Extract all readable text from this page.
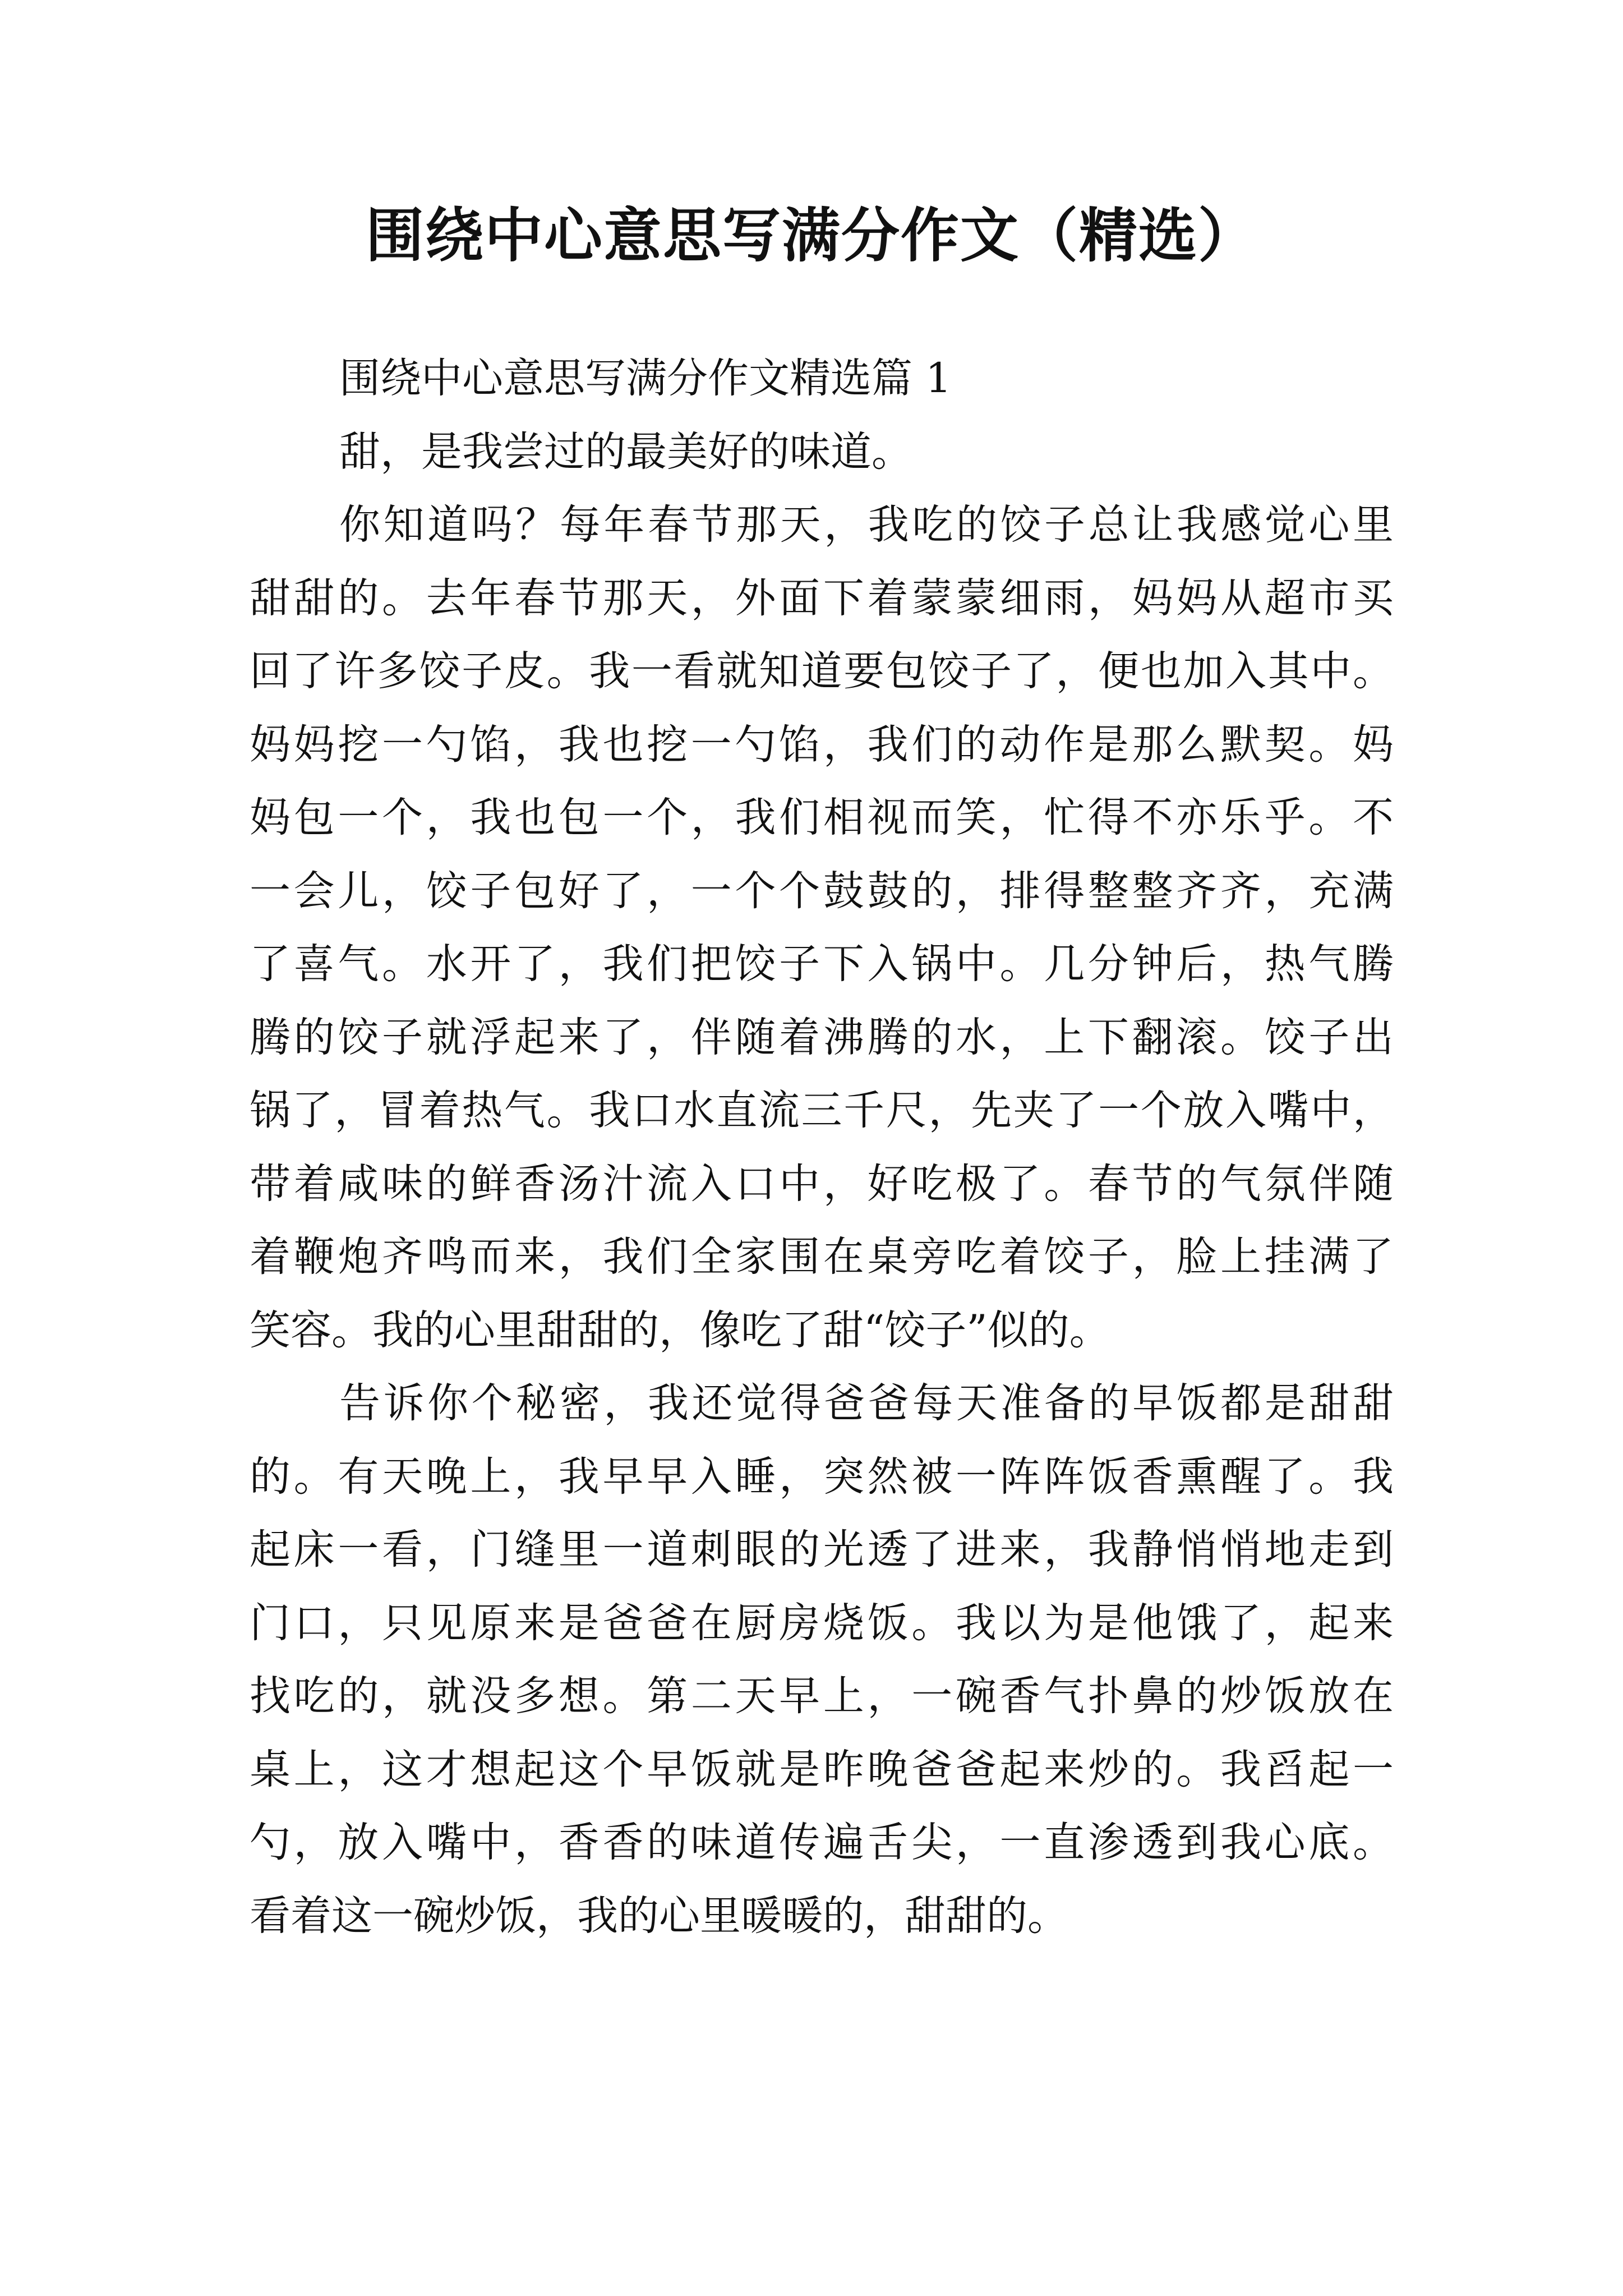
围绕中心意思写满分作文（精选）
围绕中心意思写满分作文精选篇 1
甜，是我尝过的最美好的味道。
你知道吗？每年春节那天，我吃的饺子总让我感觉心里
甜甜的。去年春节那天，外面下着蒙蒙细雨，妈妈从超市买
回了许多饺子皮。我一看就知道要包饺子了，便也加入其中。
妈妈挖一勺馅，我也挖一勺馅，我们的动作是那么默契。妈
妈包一个，我也包一个，我们相视而笑，忙得不亦乐乎。不
一会儿，饺子包好了，一个个鼓鼓的，排得整整齐齐，充满
了喜气。水开了，我们把饺子下入锅中。几分钟后，热气腾
腾的饺子就浮起来了，伴随着沸腾的水，上下翻滚。饺子出
锅了，冒着热气。我口水直流三千尺，先夹了一个放入嘴中，
带着咸味的鲜香汤汁流入口中，好吃极了。春节的气氛伴随
着鞭炮齐鸣而来，我们全家围在桌旁吃着饺子，脸上挂满了
笑容。我的心里甜甜的，像吃了甜“饺子”似的。
告诉你个秘密，我还觉得爸爸每天准备的早饭都是甜甜
的。有天晚上，我早早入睡，突然被一阵阵饭香熏醒了。我
起床一看，门缝里一道刺眼的光透了进来，我静悄悄地走到
门口，只见原来是爸爸在厨房烧饭。我以为是他饿了，起来
找吃的，就没多想。第二天早上，一碗香气扑鼻的炒饭放在
桌上，这才想起这个早饭就是昨晚爸爸起来炒的。我舀起一
勺，放入嘴中，香香的味道传遍舌尖，一直渗透到我心底。
看着这一碗炒饭，我的心里暖暖的，甜甜的。
